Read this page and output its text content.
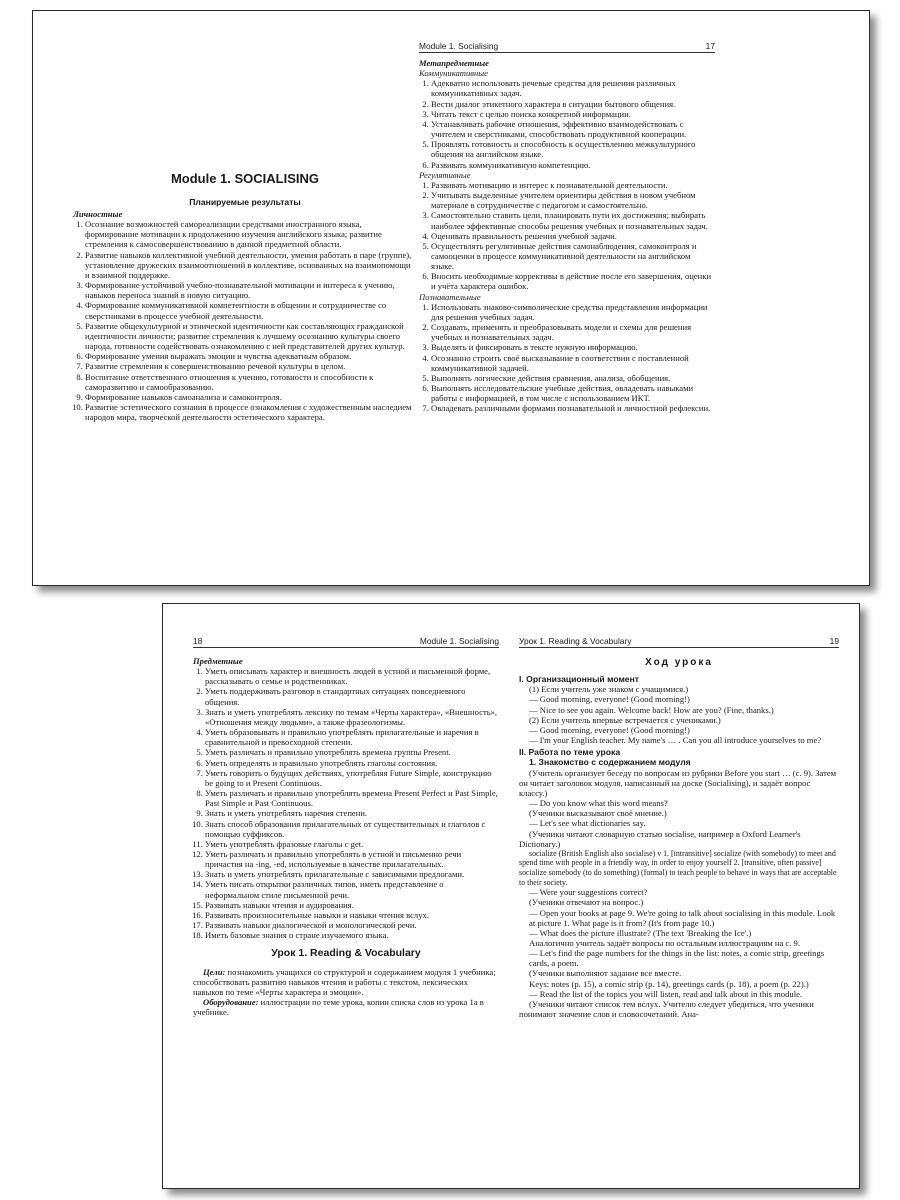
Module 1. SOCIALISING
Планируемые результаты
Личностные
1. Осознание возможностей самореализации средствами иностранного языка, формирование мотивации к продолжению изучения английского языка; развитие стремления к самосовершенствованию в данной предметной области.
2. Развитие навыков коллективной учебной деятельности, умения работать в паре (группе), установление дружеских взаимоотношений в коллективе, основанных на взаимопомощи и взаимной поддержке.
3. Формирование устойчивой учебно-познавательной мотивации и интереса к учению, навыков переноса знаний в новую ситуацию.
4. Формирование коммуникативной компетентности в общении и сотрудничестве со сверстниками в процессе учебной деятельности.
5. Развитие общекультурной и этнической идентичности как составляющих гражданской идентичности личности; развитие стремления к лучшему осознанию культуры своего народа, готовности содействовать ознакомлению с ней представителей других культур.
6. Формирование умения выражать эмоции и чувства адекватным образом.
7. Развитие стремления к совершенствованию речевой культуры в целом.
8. Воспитание ответственного отношения к учению, готовности и способности к саморазвитию и самообразованию.
9. Формирование навыков самоанализа и самоконтроля.
10. Развитие эстетического сознания в процессе ознакомления с художественным наследием народов мира, творческой деятельности эстетического характера.
Module 1. Socialising	17
Метапредметные
Коммуникативные
1. Адекватно использовать речевые средства для решения различных коммуникативных задач.
2. Вести диалог этикетного характера в ситуации бытового общения.
3. Читать текст с целью поиска конкретной информации.
4. Устанавливать рабочие отношения, эффективно взаимодействовать с учителем и сверстниками, способствовать продуктивной кооперации.
5. Проявлять готовность и способность к осуществлению межкультурного общения на английском языке.
6. Развивать коммуникативную компетенцию.
Регулятивные
1. Развивать мотивацию и интерес к познавательной деятельности.
2. Учитывать выделенные учителем ориентиры действия в новом учебном материале в сотрудничестве с педагогом и самостоятельно.
3. Самостоятельно ставить цели, планировать пути их достижения; выбирать наиболее эффективные способы решения учебных и познавательных задач.
4. Оценивать правильность решения учебной задачи.
5. Осуществлять регулятивные действия самонаблюдения, самоконтроля и самооценки в процессе коммуникативной деятельности на английском языке.
6. Вносить необходимые коррективы в действие после его завершения, оценки и учёта характера ошибок.
Познавательные
1. Использовать знаково-символические средства представления информации для решения учебных задач.
2. Создавать, применять и преобразовывать модели и схемы для решения учебных и познавательных задач.
3. Выделять и фиксировать в тексте нужную информацию.
4. Осознанно строить своё высказывание в соответствии с поставленной коммуникативной задачей.
5. Выполнять логические действия сравнения, анализа, обобщения.
6. Выполнять исследовательские учебные действия, овладевать навыками работы с информацией, в том числе с использованием ИКТ.
7. Овладевать различными формами познавательной и личностной рефлексии.
18	Module 1. Socialising
Предметные
1. Уметь описывать характер и внешность людей в устной и письменной форме, рассказывать о семье и родственниках.
2. Уметь поддерживать разговор в стандартных ситуациях повседневного общения.
3. Знать и уметь употреблять лексику по темам «Черты характера», «Внешность», «Отношения между людьми», а также фразеологизмы.
4. Уметь образовывать и правильно употреблять прилагательные и наречия в сравнительной и превосходной степени.
5. Уметь различать и правильно употреблять времена группы Present.
6. Уметь определять и правильно употреблять глаголы состояния.
7. Уметь говорить о будущих действиях, употребляя Future Simple, конструкцию be going to и Present Continuous.
8. Уметь различать и правильно употреблять времена Present Perfect и Past Simple, Past Simple и Past Continuous.
9. Знать и уметь употреблять наречия степени.
10. Знать способ образования прилагательных от существительных и глаголов с помощью суффиксов.
11. Уметь употреблять фразовые глаголы с get.
12. Уметь различать и правильно употреблять в устной и письменно речи причастия на -ing, -ed, используемые в качестве прилагательных.
13. Знать и уметь употреблять прилагательные с зависимыми предлогами.
14. Уметь писать открытки различных типов, иметь представление о неформальном стиле письменной речи.
15. Развивать навыки чтения и аудирования.
16. Развивать произносительные навыки и навыки чтения вслух.
17. Развивать навыки диалогической и монологической речи.
18. Иметь базовые знания о стране изучаемого языка.
Урок 1. Reading & Vocabulary

Цели: познакомить учащихся со структурой и содержанием модуля 1 учебника; способствовать развитию навыков чтения и работы с текстом, лексических навыков по теме «Черты характера и эмоции».

Оборудование: иллюстрации по теме урока, копии списка слов из урока 1а в учебнике.

Урок 1. Reading & Vocabulary	19
Ход урока
I. Организационный момент
(1) Если учитель уже знаком с учащимися.)
— Good morning, everyone! (Good morning!)
— Nice to see you again. Welcome back! How are you? (Fine, thanks.)
(2) Если учитель впервые встречается с учениками.)
— Good morning, everyone! (Good morning!)
— I'm your English teacher. My name's … . Can you all introduce yourselves to me?
II. Работа по теме урока
1. Знакомство с содержанием модуля

(Учитель организует беседу по вопросам из рубрики Before you start … (с. 9). Затем он читает заголовок модуля, написанный на доске (Socialising), и задаёт вопрос классу.)

— Do you know what this word means?
(Ученики высказывают своё мнение.)
— Let's see what dictionaries say.

(Ученики читают словарную статью socialise, например в Oxford Learner's Dictionary.)

socialize (British English also socialise) v 1. [intransitive] socialize (with somebody) to meet and spend time with people in a friendly way, in order to enjoy yourself 2. [transitive, often passive] socialize somebody (to do something) (formal) to teach people to behave in ways that are acceptable to their society.

— Were your suggestions correct?
(Ученики отвечают на вопрос.)
— Open your books at page 9. We're going to talk about socialising in this module. Look at picture 1. What page is it from? (It's from page 10.)
— What does the picture illustrate? (The text 'Breaking the Ice'.)

Аналогично учитель задаёт вопросы по остальным иллюстрациям на с. 9.

— Let's find the page numbers for the things in the list: notes, a comic strip, greetings cards, a poem.
(Ученики выполняют задание все вместе.

Keys: notes (p. 15), a comic strip (p. 14), greetings cards (p. 18), a poem (p. 22).)

— Read the list of the topics you will listen, read and talk about in this module.

(Ученики читают список тем вслух. Учителю следует убедиться, что ученики понимают значение слов и словосочетаний. Ана-
